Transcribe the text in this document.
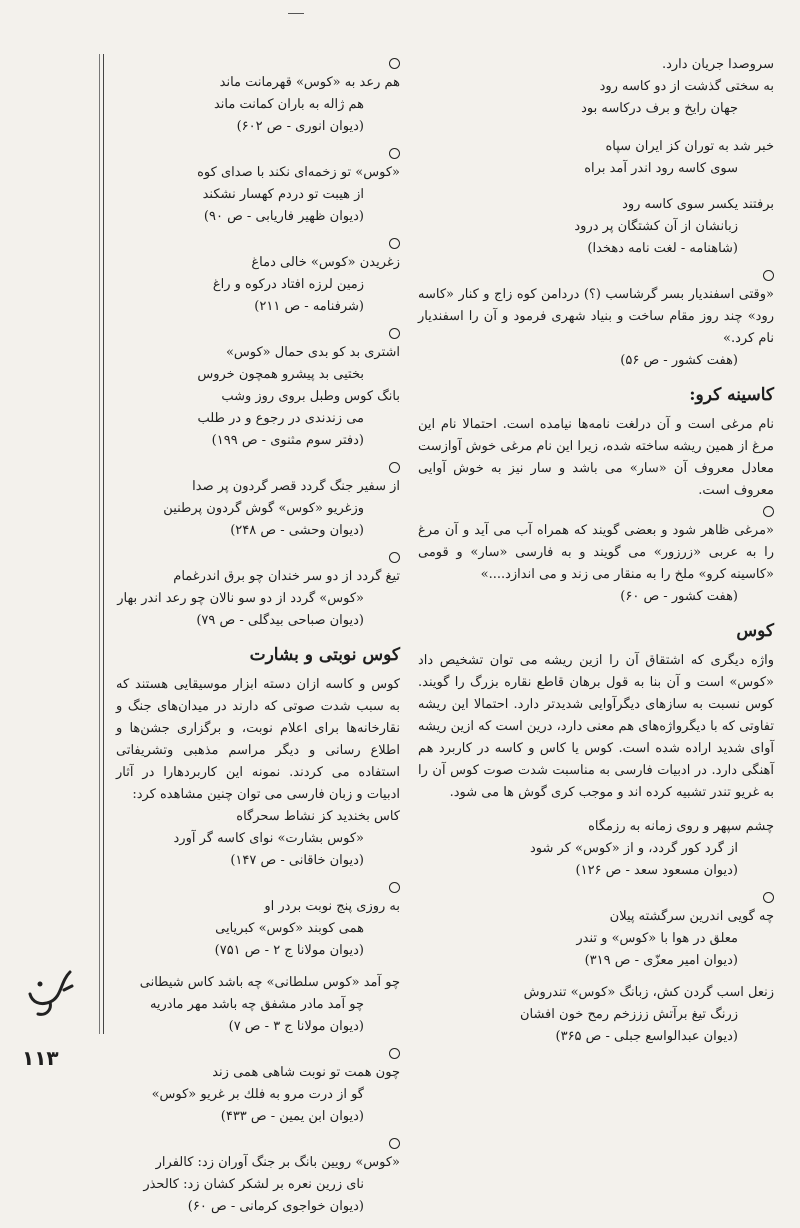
سروصدا جریان دارد.
به سختی گذشت از دو کاسه رود
جهان رایخ و برف درکاسه بود
خبر شد به توران کز ایران سپاه
سوی کاسه رود اندر آمد براه
برفتند یکسر سوی کاسه رود
زبانشان از آن کشتگان پر درود
(شاهنامه - لغت نامه دهخدا)
«وقتی اسفندیار بسر گرشاسب (؟) دردامن کوه زاج و کنار «کاسه رود» چند روز مقام ساخت و بنیاد شهری فرمود و آن را اسفندیار نام کرد.»
(هفت کشور - ص ۵۶)
کاسینه کرو:
نام مرغی است و آن درلغت نامه‌ها نیامده است. احتمالا نام این مرغ از همین ریشه ساخته شده، زیرا این نام مرغی خوش آوازست معادل معروف آن «سار» می باشد و سار نیز به خوش آوایی معروف است.
«مرغی ظاهر شود و بعضی گویند که همراه آب می آید و آن مرغ را به عربی «زرزور» می گویند و به فارسی «سار» و قومی «کاسینه کرو» ملخ را به منقار می زند و می اندازد....»
(هفت کشور - ص ۶۰)
کوس
واژه دیگری که اشتقاق آن را ازین ریشه می توان تشخیص داد «کوس» است و آن بنا به قول برهان قاطع نقاره بزرگ را گویند. کوس نسبت به سازهای دیگرآوایی شدیدتر دارد. احتمالا این ریشه تفاوتی که با دیگرواژه‌های هم معنی دارد، درین است که ازین ریشه آوای شدید اراده شده است. کوس یا کاس و کاسه در کاربرد هم آهنگی دارد. در ادبیات فارسی به مناسبت شدت صوت کوس آن را به غریو تندر تشبیه کرده اند و موجب کری گوش ها می شود.
چشم سپهر و روی زمانه به رزمگاه
از گرد کور گردد، و از «کوس» کر شود
(دیوان مسعود سعد - ص ۱۲۶)
چه گویی اندرین سرگشته پیلان
معلق در هوا با «کوس» و تندر
(دیوان امیر معزّی - ص ۳۱۹)
زنعل اسب گردن کش، زبانگ «کوس» تندروش
زرنگ تیغ برآتش زززخم رمح خون افشان
(دیوان عبدالواسع جبلی - ص ۳۶۵)
هم رعد به «کوس» قهرمانت ماند
هم ژاله به باران کمانت ماند
(دیوان انوری - ص ۶۰۲)
«کوس» تو زخمه‌ای نکند با صدای کوه
از هیبت تو دردم کهسار نشکند
(دیوان ظهیر فاریابی - ص ۹۰)
زغریدن «کوس» خالی دماغ
زمین لرزه افتاد درکوه و راغ
(شرفنامه - ص ۲۱۱)
اشتری بد کو بدی حمال «کوس»
بختیی بد پیشرو همچون خروس
بانگ کوس وطبل بروی روز وشب
می زندندی در رجوع و در طلب
(دفتر سوم مثنوی - ص ۱۹۹)
از سفیر جنگ گردد قصر گردون پر صدا
وزغریو «کوس» گوش گردون پرطنین
(دیوان وحشی - ص ۲۴۸)
تیغ گردد از دو سر خندان چو برق اندرغمام
«کوس» گردد از دو سو نالان چو رعد اندر بهار
(دیوان صباحی بیدگلی - ص ۷۹)
کوس نوبتی و بشارت
کوس و کاسه ازان دسته ابزار موسیقایی هستند که به سبب شدت صوتی که دارند در میدان‌های جنگ و نقارخانه‌ها برای اعلام نوبت، و برگزاری جشن‌ها و اطلاع رسانی و دیگر مراسم مذهبی وتشریفاتی استفاده می کردند. نمونه این کاربردهارا در آثار ادبیات و زبان فارسی می توان چنین مشاهده کرد:
کاس بخندید کز نشاط سحرگاه
«کوس بشارت» نوای کاسه گر آورد
(دیوان خاقانی - ص ۱۴۷)
به روزی پنج نوبت بردر او
همی کوبند «کوس» کبریایی
(دیوان مولانا ج ۲ - ص ۷۵۱)
چو آمد «کوس سلطانی» چه باشد کاس شیطانی
چو آمد مادر مشفق چه باشد مهر مادریه
(دیوان مولانا ج ۳ - ص ۷)
چون همت تو نوبت شاهی همی زند
گو از درت مرو به فلك بر غریو «کوس»
(دیوان ابن یمین - ص ۴۳۳)
«کوس» رویین بانگ بر جنگ آوران زد: کالفرار
نای زرین نعره بر لشکر کشان زد: کالحذر
(دیوان خواجوی کرمانی - ص ۶۰)
۱۱۳
